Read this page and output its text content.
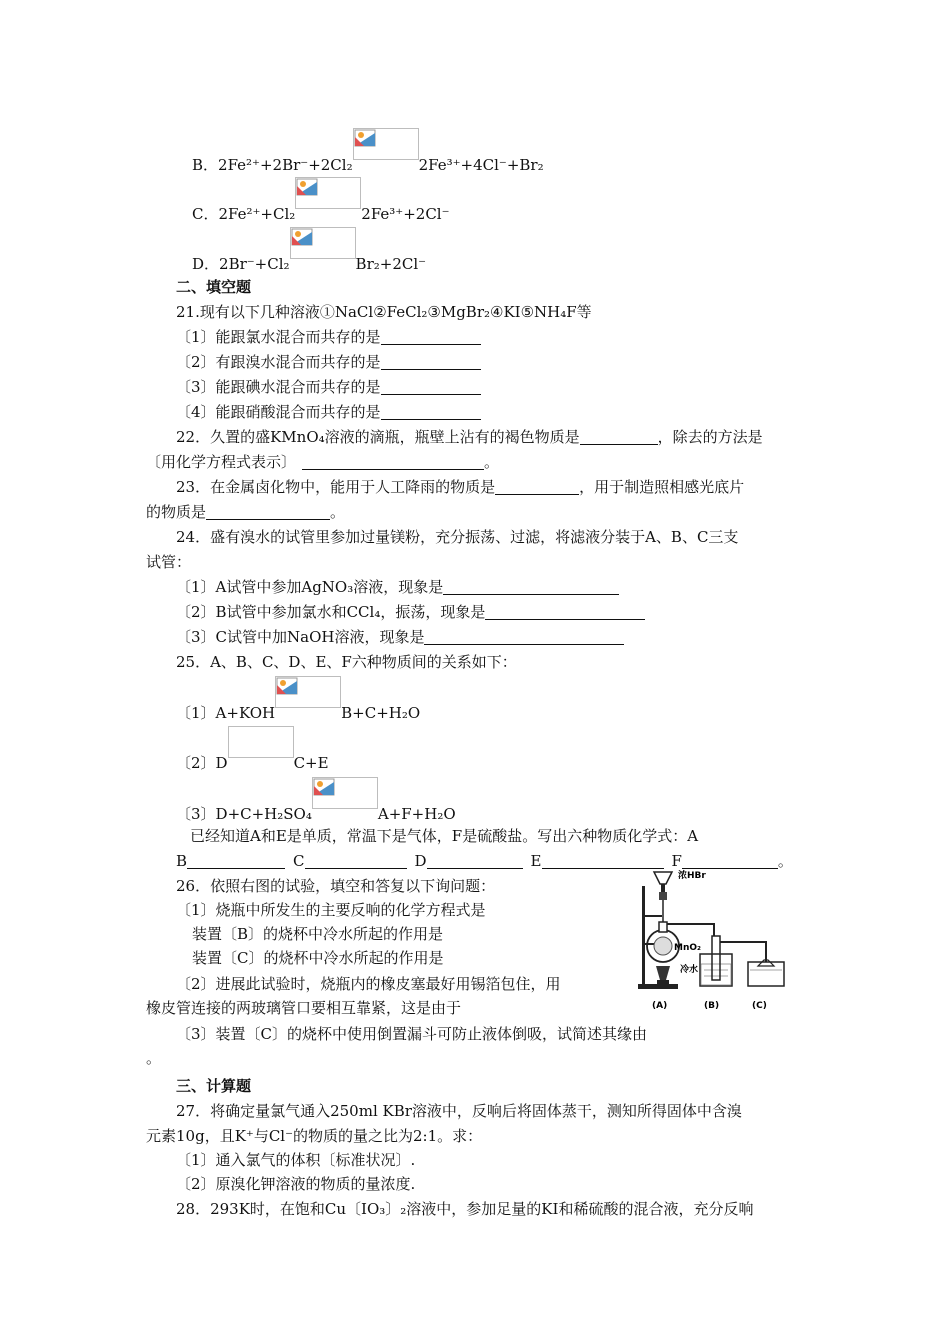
B．2Fe²⁺+2Br⁻+2Cl₂	2Fe³⁺+4Cl⁻+Br₂
C．2Fe²⁺+Cl₂	2Fe³⁺+2Cl⁻
D．2Br⁻+Cl₂	Br₂+2Cl⁻
二、填空题
21.现有以下几种溶液①NaCl②FeCl₂③MgBr₂④KI⑤NH₄F等
〔1〕能跟氯水混合而共存的是
〔2〕有跟溴水混合而共存的是
〔3〕能跟碘水混合而共存的是
〔4〕能跟硝酸混合而共存的是
22．久置的盛KMnO₄溶液的滴瓶，瓶壁上沾有的褐色物质是	，除去的方法是
〔用化学方程式表示〕	。
23．在金属卤化物中，能用于人工降雨的物质是	，用于制造照相感光底片
的物质是	。
24．盛有溴水的试管里参加过量镁粉，充分振荡、过滤，将滤液分装于A、B、C三支
试管：
〔1〕A试管中参加AgNO₃溶液，现象是
〔2〕B试管中参加氯水和CCl₄，振荡，现象是
〔3〕C试管中加NaOH溶液，现象是
25．A、B、C、D、E、F六种物质间的关系如下：
〔1〕A+KOH	B+C+H₂O
〔2〕D	C+E
〔3〕D+C+H₂SO₄	A+F+H₂O
已经知道A和E是单质，常温下是气体，F是硫酸盐。写出六种物质化学式：A
B	C	D	E	F	。
26．依照右图的试验，填空和答复以下询问题：
〔1〕烧瓶中所发生的主要反响的化学方程式是
装置〔B〕的烧杯中冷水所起的作用是
装置〔C〕的烧杯中冷水所起的作用是
〔2〕进展此试验时，烧瓶内的橡皮塞最好用锡箔包住，用
橡皮管连接的两玻璃管口要相互靠紧，这是由于
〔3〕装置〔C〕的烧杯中使用倒置漏斗可防止液体倒吸，试简述其缘由
。
浓HBr
MnO₂
冷水
(A)	(B)	(C)
三、计算题
27．将确定量氯气通入250ml KBr溶液中，反响后将固体蒸干，测知所得固体中含溴
元素10g，且K⁺与Cl⁻的物质的量之比为2:1。求：
〔1〕通入氯气的体积〔标准状况〕.
〔2〕原溴化钾溶液的物质的量浓度.
28．293K时，在饱和Cu〔IO₃〕₂溶液中，参加足量的KI和稀硫酸的混合液，充分反响
